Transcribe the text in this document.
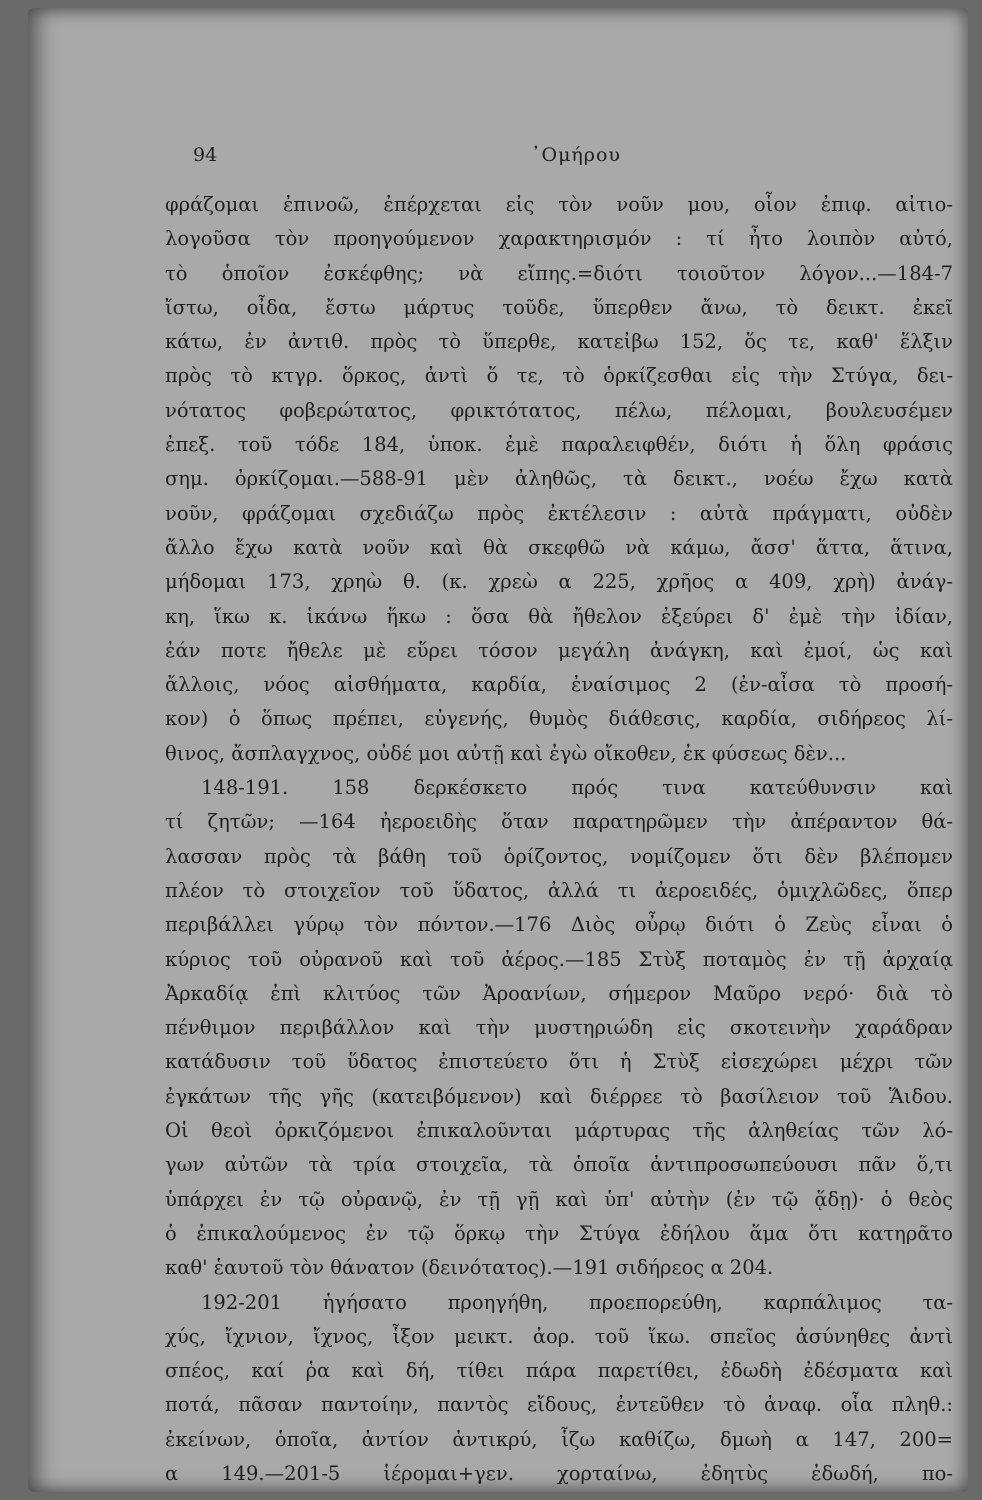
94	᾿Ομήρου
φράζομαι ἐπινοῶ, ἐπέρχεται εἰς τὸν νοῦν μου, οἷον ἐπιφ. αἰτιο-
λογοῦσα τὸν προηγούμενον χαρακτηρισμόν : τί ἦτο λοιπὸν αὐτό,
τὸ ὁποῖον ἐσκέφθης; νὰ εἴπης.=διότι τοιοῦτον λόγον...—184-7
ἴστω, οἶδα, ἔστω μάρτυς τοῦδε, ὕπερθεν ἄνω, τὸ δεικτ. ἐκεῖ
κάτω, ἐν ἀντιθ. πρὸς τὸ ὕπερθε, κατεἰβω 152, ὅς τε, καθ' ἕλξιν
πρὸς τὸ κτγρ. ὅρκος, ἀντὶ ὅ τε, τὸ ὁρκίζεσθαι εἰς τὴν Στύγα, δει-
νότατος φοβερώτατος, φρικτότατος, πέλω, πέλομαι, βουλευσέμεν
ἐπεξ. τοῦ τόδε 184, ὑποκ. ἐμὲ παραλειφθέν, διότι ἡ ὅλη φράσις
σημ. ὀρκίζομαι.—588-91 μὲν ἀληθῶς, τὰ δεικτ., νοέω ἔχω κατὰ
νοῦν, φράζομαι σχεδιάζω πρὸς ἐκτέλεσιν : αὐτὰ πράγματι, οὐδὲν
ἄλλο ἔχω κατὰ νοῦν καὶ θὰ σκεφθῶ νὰ κάμω, ἄσσ' ἅττα, ἅτινα,
μήδομαι 173, χρηὼ θ. (κ. χρεὼ α 225, χρῆος α 409, χρὴ) ἀνάγ-
κη, ἵκω κ. ἱκάνω ἥκω : ὅσα θὰ ἤθελον ἐξεύρει δ' ἐμὲ τὴν ἰδίαν,
ἐάν ποτε ἤθελε μὲ εὕρει τόσον μεγάλη ἀνάγκη, καὶ ἐμοί, ὡς καὶ
ἄλλοις, νόος αἰσθήματα, καρδία, ἐναίσιμος 2 (ἐν-αἶσα τὸ προσή-
κον) ὁ ὅπως πρέπει, εὐγενής, θυμὸς διάθεσις, καρδία, σιδήρεος λί-
θινος, ἄσπλαγχνος, οὐδέ μοι αὐτῇ καὶ ἐγὼ οἴκοθεν, ἐκ φύσεως δὲν...
148-191. 158 δερκέσκετο πρός τινα κατεύθυνσιν καὶ
τί ζητῶν; —164 ἠεροειδὴς ὅταν παρατηρῶμεν τὴν ἀπέραντον θά-
λασσαν πρὸς τὰ βάθη τοῦ ὁρίζοντος, νομίζομεν ὅτι δὲν βλέπομεν
πλέον τὸ στοιχεῖον τοῦ ὕδατος, ἀλλά τι ἀεροειδές, ὁμιχλῶδες, ὅπερ
περιβάλλει γύρῳ τὸν πόντον.—176 Διὸς οὖρῳ διότι ὁ Ζεὺς εἶναι ὁ
κύριος τοῦ οὐρανοῦ καὶ τοῦ ἀέρος.—185 Στὺξ ποταμὸς ἐν τῇ ἀρχαίᾳ
Ἀρκαδίᾳ ἐπὶ κλιτύος τῶν Ἀροανίων, σήμερον Μαῦρο νερό· διὰ τὸ
πένθιμον περιβάλλον καὶ τὴν μυστηριώδη εἰς σκοτεινὴν χαράδραν
κατάδυσιν τοῦ ὕδατος ἐπιστεύετο ὅτι ἡ Στὺξ εἰσεχώρει μέχρι τῶν
ἐγκάτων τῆς γῆς (κατειβόμενον) καὶ διέρρεε τὸ βασίλειον τοῦ Ἅιδου.
Οἱ θεοὶ ὀρκιζόμενοι ἐπικαλοῦνται μάρτυρας τῆς ἀληθείας τῶν λό-
γων αὐτῶν τὰ τρία στοιχεῖα, τὰ ὁποῖα ἀντιπροσωπεύουσι πᾶν ὅ,τι
ὑπάρχει ἐν τῷ οὐρανῷ, ἐν τῇ γῇ καὶ ὑπ' αὐτὴν (ἐν τῷ ᾅδῃ)· ὁ θεὸς
ὁ ἐπικαλούμενος ἐν τῷ ὅρκῳ τὴν Στύγα ἐδήλου ἅμα ὅτι κατηρᾶτο
καθ' ἑαυτοῦ τὸν θάνατον (δεινότατος).—191 σιδήρεος α 204.
192-201 ἡγήσατο προηγήθη, προεπορεύθη, καρπάλιμος τα-
χύς, ἴχνιον, ἴχνος, ἷξον μεικτ. ἀορ. τοῦ ἵκω. σπεῖος ἀσύνηθες ἀντὶ
σπέος, καί ῥα καὶ δή, τίθει πάρα παρετίθει, ἐδωδὴ ἐδέσματα καὶ
ποτά, πᾶσαν παντοίην, παντὸς εἴδους, ἐντεῦθεν τὸ ἀναφ. οἷα πληθ.:
ἐκείνων, ὁποῖα, ἀντίον ἀντικρύ, ἷζω καθίζω, δμωὴ α 147, 200=
α 149.—201-5 ἱέρομαι+γεν. χορταίνω, ἐδητὺς ἐδωδή, πο-
